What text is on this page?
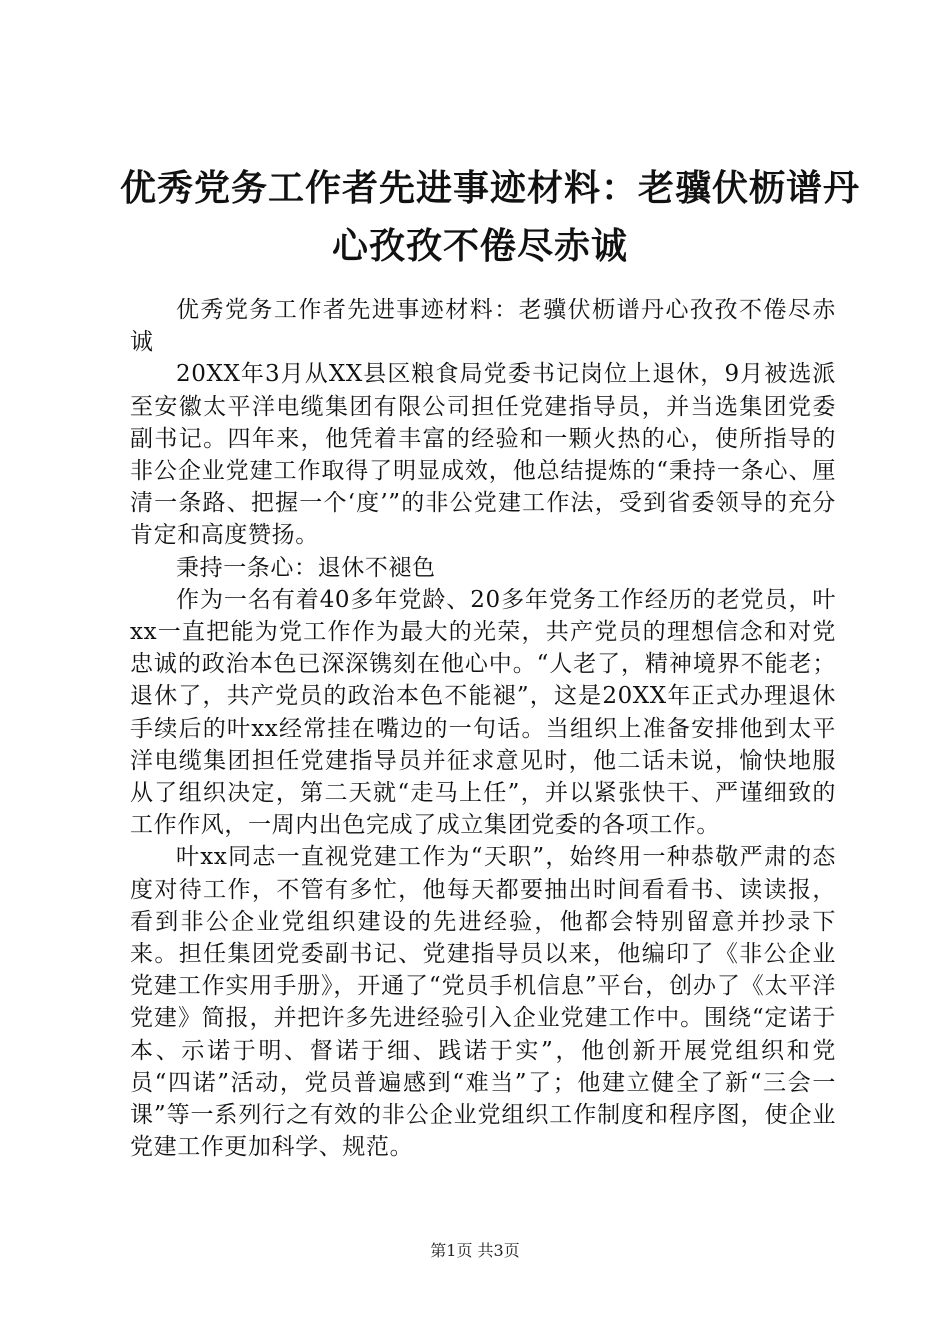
优秀党务工作者先进事迹材料：老骥伏枥谱丹
心孜孜不倦尽赤诚

优秀党务工作者先进事迹材料：老骥伏枥谱丹心孜孜不倦尽赤诚

20XX年3月从XX县区粮食局党委书记岗位上退休，9月被选派至安徽太平洋电缆集团有限公司担任党建指导员，并当选集团党委副书记。四年来，他凭着丰富的经验和一颗火热的心，使所指导的非公企业党建工作取得了明显成效，他总结提炼的“秉持一条心、厘清一条路、把握一个‘度’”的非公党建工作法，受到省委领导的充分肯定和高度赞扬。

秉持一条心：退休不褪色

作为一名有着40多年党龄、20多年党务工作经历的老党员，叶xx一直把能为党工作作为最大的光荣，共产党员的理想信念和对党忠诚的政治本色已深深镌刻在他心中。“人老了，精神境界不能老；退休了，共产党员的政治本色不能褪”，这是20XX年正式办理退休手续后的叶xx经常挂在嘴边的一句话。当组织上准备安排他到太平洋电缆集团担任党建指导员并征求意见时，他二话未说，愉快地服从了组织决定，第二天就“走马上任”，并以紧张快干、严谨细致的工作作风，一周内出色完成了成立集团党委的各项工作。

叶xx同志一直视党建工作为“天职”，始终用一种恭敬严肃的态度对待工作，不管有多忙，他每天都要抽出时间看看书、读读报，看到非公企业党组织建设的先进经验，他都会特别留意并抄录下来。担任集团党委副书记、党建指导员以来，他编印了《非公企业党建工作实用手册》，开通了“党员手机信息”平台，创办了《太平洋党建》简报，并把许多先进经验引入企业党建工作中。围绕“定诺于本、示诺于明、督诺于细、践诺于实”，他创新开展党组织和党员“四诺”活动，党员普遍感到“难当”了；他建立健全了新“三会一课”等一系列行之有效的非公企业党组织工作制度和程序图，使企业党建工作更加科学、规范。

第1页 共3页
